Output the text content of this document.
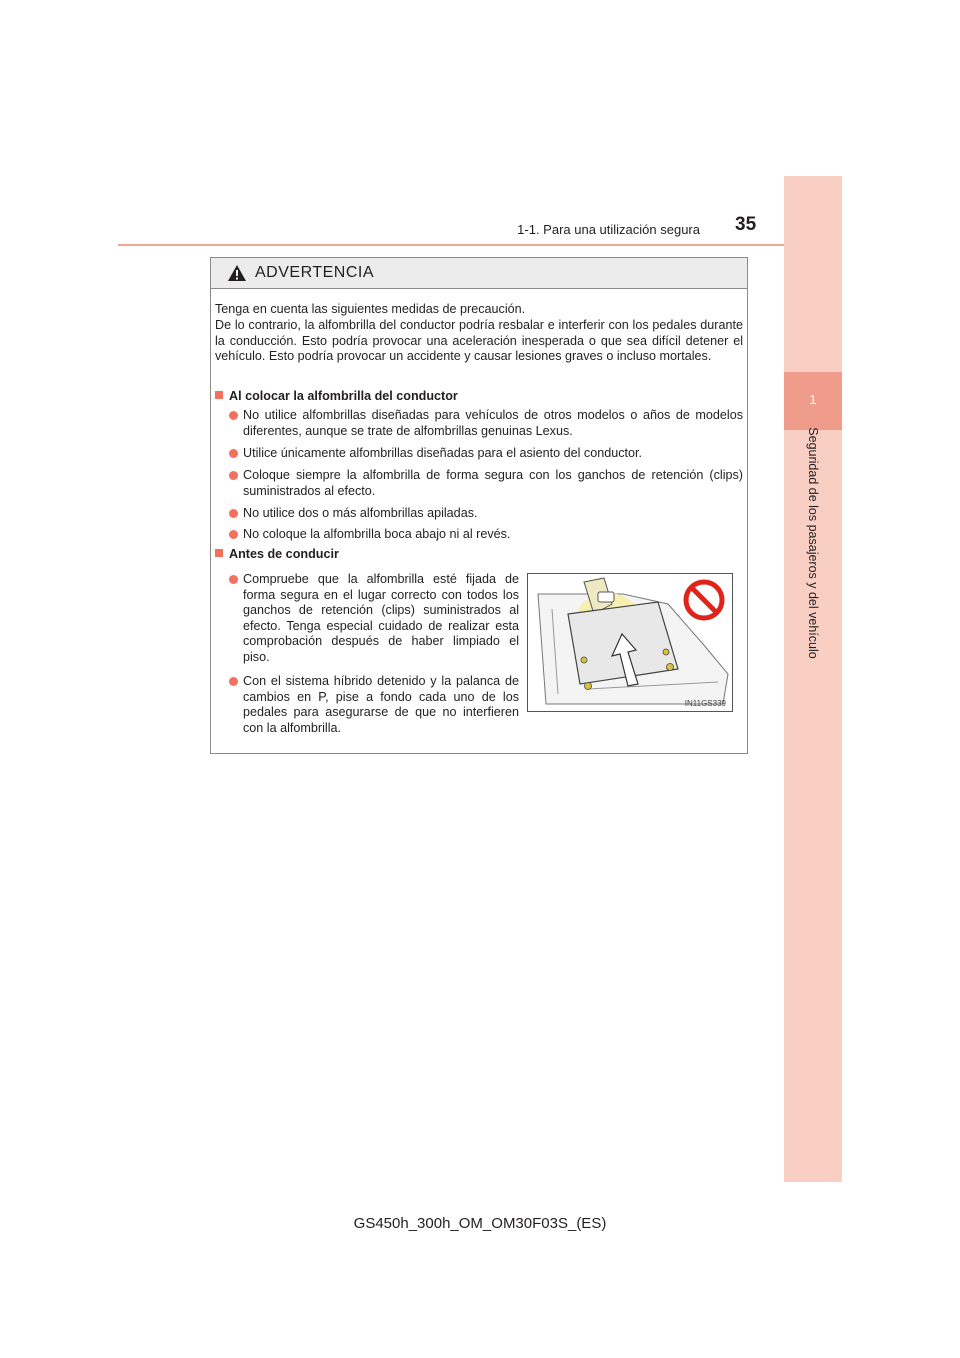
1-1. Para una utilización segura 35
1
Seguridad de los pasajeros y del vehículo
ADVERTENCIA

Tenga en cuenta las siguientes medidas de precaución.

De lo contrario, la alfombrilla del conductor podría resbalar e interferir con los pedales durante la conducción. Esto podría provocar una aceleración inesperada o que sea difícil detener el vehículo. Esto podría provocar un accidente y causar lesiones graves o incluso mortales.

Al colocar la alfombrilla del conductor
No utilice alfombrillas diseñadas para vehículos de otros modelos o años de modelos diferentes, aunque se trate de alfombrillas genuinas Lexus.
Utilice únicamente alfombrillas diseñadas para el asiento del conductor.
Coloque siempre la alfombrilla de forma segura con los ganchos de retención (clips) suministrados al efecto.
No utilice dos o más alfombrillas apiladas.
No coloque la alfombrilla boca abajo ni al revés.
Antes de conducir
Compruebe que la alfombrilla esté fijada de forma segura en el lugar correcto con todos los ganchos de retención (clips) suministrados al efecto. Tenga especial cuidado de realizar esta comprobación después de haber limpiado el piso.
Con el sistema híbrido detenido y la palanca de cambios en P, pise a fondo cada uno de los pedales para asegurarse de que no interfieren con la alfombrilla.
IN11GS339
GS450h_300h_OM_OM30F03S_(ES)
